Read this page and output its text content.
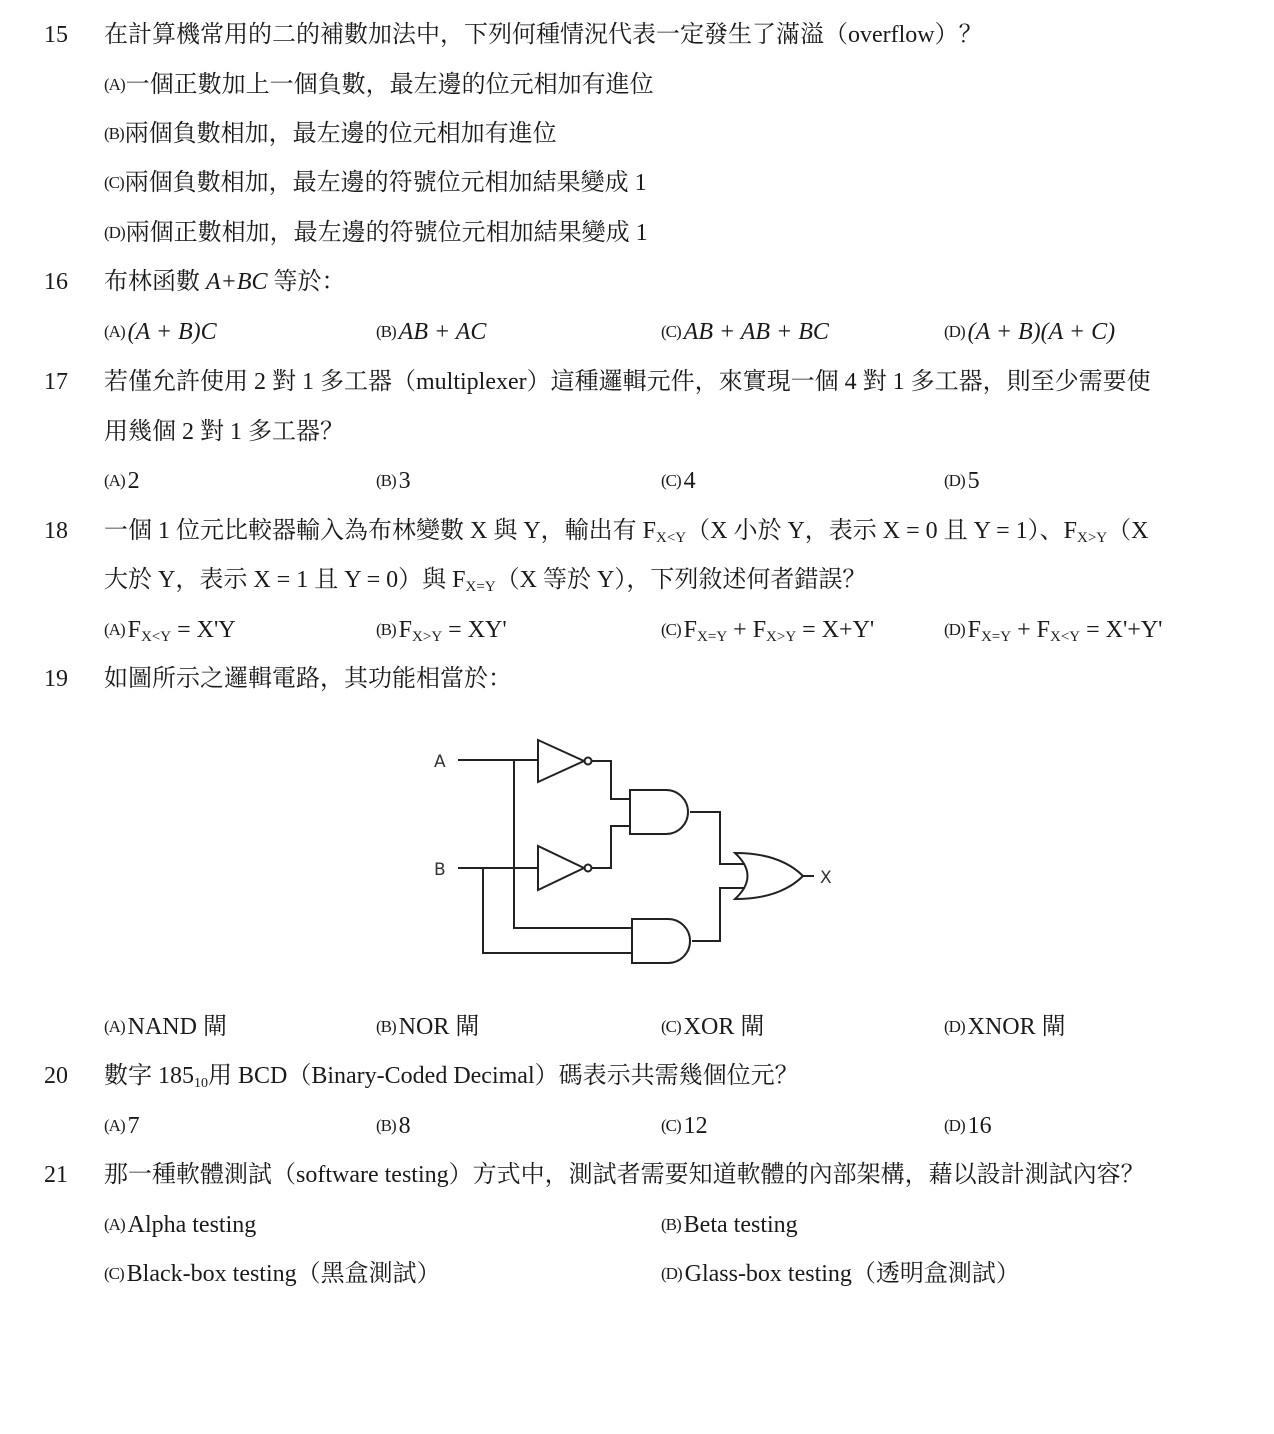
15 在計算機常用的二的補數加法中，下列何種情況代表一定發生了滿溢（overflow）？
(A)一個正數加上一個負數，最左邊的位元相加有進位
(B)兩個負數相加，最左邊的位元相加有進位
(C)兩個負數相加，最左邊的符號位元相加結果變成 1
(D)兩個正數相加，最左邊的符號位元相加結果變成 1
16 布林函數 A+BC 等於：
(A) (A + B)C	(B) AB + AC	(C) AB + AB + BC	(D) (A + B)(A + C)
17 若僅允許使用 2 對 1 多工器（multiplexer）這種邏輯元件，來實現一個 4 對 1 多工器，則至少需要使
用幾個 2 對 1 多工器？
(A) 2	(B) 3	(C) 4	(D) 5
18 一個 1 位元比較器輸入為布林變數 X 與 Y，輸出有 FX<Y（X 小於 Y，表示 X = 0 且 Y = 1）、FX>Y（X
大於 Y，表示 X = 1 且 Y = 0）與 FX=Y（X 等於 Y），下列敘述何者錯誤？
(A) FX<Y = X'Y	(B) FX>Y = XY'	(C) FX=Y + FX>Y = X+Y'	(D) FX=Y + FX<Y = X'+Y'
19 如圖所示之邏輯電路，其功能相當於：
A
B	X
(A) NAND 閘	(B) NOR 閘	(C) XOR 閘	(D) XNOR 閘
20 數字 18510用 BCD（Binary-Coded Decimal）碼表示共需幾個位元？
(A) 7	(B) 8	(C) 12	(D) 16
21 那一種軟體測試（software testing）方式中，測試者需要知道軟體的內部架構，藉以設計測試內容？
(A) Alpha testing	(B) Beta testing
(C) Black-box testing（黑盒測試）	(D) Glass-box testing（透明盒測試）
